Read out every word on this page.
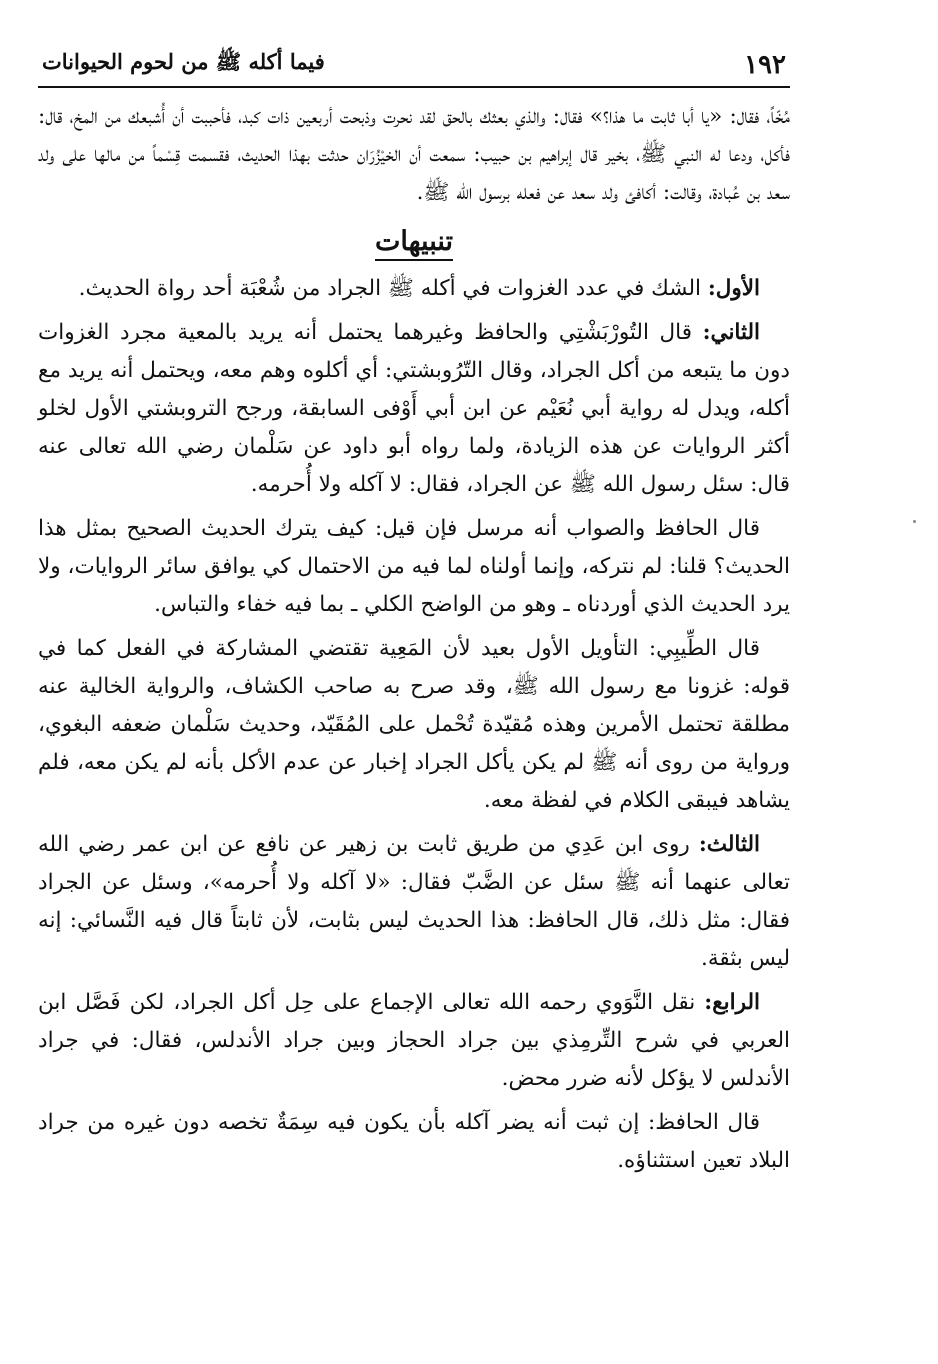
١٩٢
فيما أكله ﷺ من لحوم الحيوانات

مُخّاً، فقال: «يا أبا ثابت ما هذا؟» فقال: والذي بعثك بالحق لقد نحرت وذبحت أربعين ذات كبد، فأحببت أن أُشبعك من المخ، قال: فأكل، ودعا له النبي ﷺ، بخير قال إبراهيم بن حبيب: سمعت أن الخيْزُرَان حدثت بهذا الحديث، فقسمت قِسْماً من مالها على ولد سعد بن عُبادة، وقالت: أكافئ ولد سعد عن فعله برسول الله ﷺ.

تنبيهات

الأول: الشك في عدد الغزوات في أكله ﷺ الجراد من شُعْبَة أحد رواة الحديث.

الثاني: قال التُورْبَشْتِي والحافظ وغيرهما يحتمل أنه يريد بالمعية مجرد الغزوات دون ما يتبعه من أكل الجراد، وقال التّرُوبشتي: أي أكلوه وهم معه، ويحتمل أنه يريد مع أكله، ويدل له رواية أبي نُعَيْم عن ابن أبي أَوْفى السابقة، ورجح التروبشتي الأول لخلو أكثر الروايات عن هذه الزيادة، ولما رواه أبو داود عن سَلْمان رضي الله تعالى عنه قال: سئل رسول الله ﷺ عن الجراد، فقال: لا آكله ولا أُحرمه.

قال الحافظ والصواب أنه مرسل فإن قيل: كيف يترك الحديث الصحيح بمثل هذا الحديث؟ قلنا: لم نتركه، وإنما أولناه لما فيه من الاحتمال كي يوافق سائر الروايات، ولا يرد الحديث الذي أوردناه ـ وهو من الواضح الكلي ـ بما فيه خفاء والتباس.

قال الطِّيبِي: التأويل الأول بعيد لأن المَعِية تقتضي المشاركة في الفعل كما في قوله: غزونا مع رسول الله ﷺ، وقد صرح به صاحب الكشاف، والرواية الخالية عنه مطلقة تحتمل الأمرين وهذه مُقيّدة تُحْمل على المُقَيّد، وحديث سَلْمان ضعفه البغوي، ورواية من روى أنه ﷺ لم يكن يأكل الجراد إخبار عن عدم الأكل بأنه لم يكن معه، فلم يشاهد فيبقى الكلام في لفظة معه.

الثالث: روى ابن عَدِي من طريق ثابت بن زهير عن نافع عن ابن عمر رضي الله تعالى عنهما أنه ﷺ سئل عن الضَّبّ فقال: «لا آكله ولا أُحرمه»، وسئل عن الجراد فقال: مثل ذلك، قال الحافظ: هذا الحديث ليس بثابت، لأن ثابتاً قال فيه النَّسائي: إنه ليس بثقة.

الرابع: نقل النَّوَوي رحمه الله تعالى الإجماع على حِل أكل الجراد، لكن فَصَّل ابن العربي في شرح التِّرمِذي بين جراد الحجاز وبين جراد الأندلس، فقال: في جراد الأندلس لا يؤكل لأنه ضرر محض.

قال الحافظ: إن ثبت أنه يضر آكله بأن يكون فيه سِمَةٌ تخصه دون غيره من جراد البلاد تعين استثناؤه.
